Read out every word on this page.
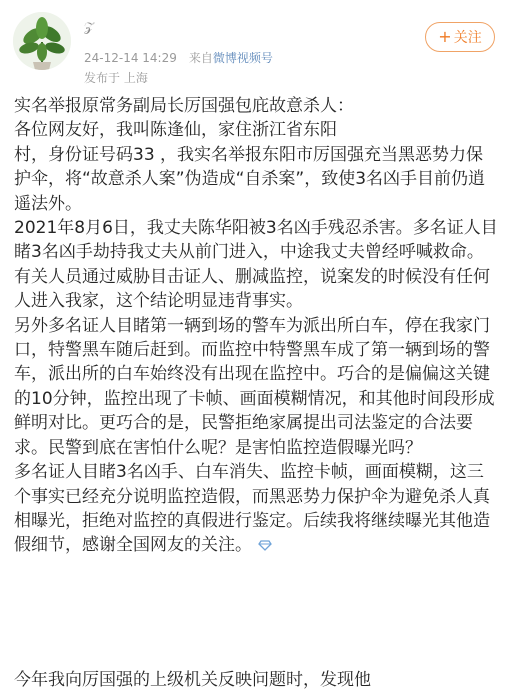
𝒵
24-12-14 14:29 来自微博视频号
发布于 上海
+ 关注

实名举报原常务副局长厉国强包庇故意杀人：

各位网友好，我叫陈逢仙，家住浙江省东阳

村，身份证号码33 ，我实名举报东阳市厉国强充当黑恶势力保护伞，将“故意杀人案”伪造成“自杀案”，致使3名凶手目前仍逍遥法外。

2021年8月6日，我丈夫陈华阳被3名凶手残忍杀害。多名证人目睹3名凶手劫持我丈夫从前门进入，中途我丈夫曾经呼喊救命。有关人员通过威胁目击证人、删减监控，说案发的时候没有任何人进入我家，这个结论明显违背事实。

另外多名证人目睹第一辆到场的警车为派出所白车，停在我家门口，特警黑车随后赶到。而监控中特警黑车成了第一辆到场的警车，派出所的白车始终没有出现在监控中。巧合的是偏偏这关键的10分钟，监控出现了卡帧、画面模糊情况，和其他时间段形成鲜明对比。更巧合的是，民警拒绝家属提出司法鉴定的合法要求。民警到底在害怕什么呢？是害怕监控造假曝光吗？

多名证人目睹3名凶手、白车消失、监控卡帧，画面模糊，这三个事实已经充分说明监控造假，而黑恶势力保护伞为避免杀人真相曝光，拒绝对监控的真假进行鉴定。后续我将继续曝光其他造假细节，感谢全国网友的关注。

今年我向厉国强的上级机关反映问题时，发现他
